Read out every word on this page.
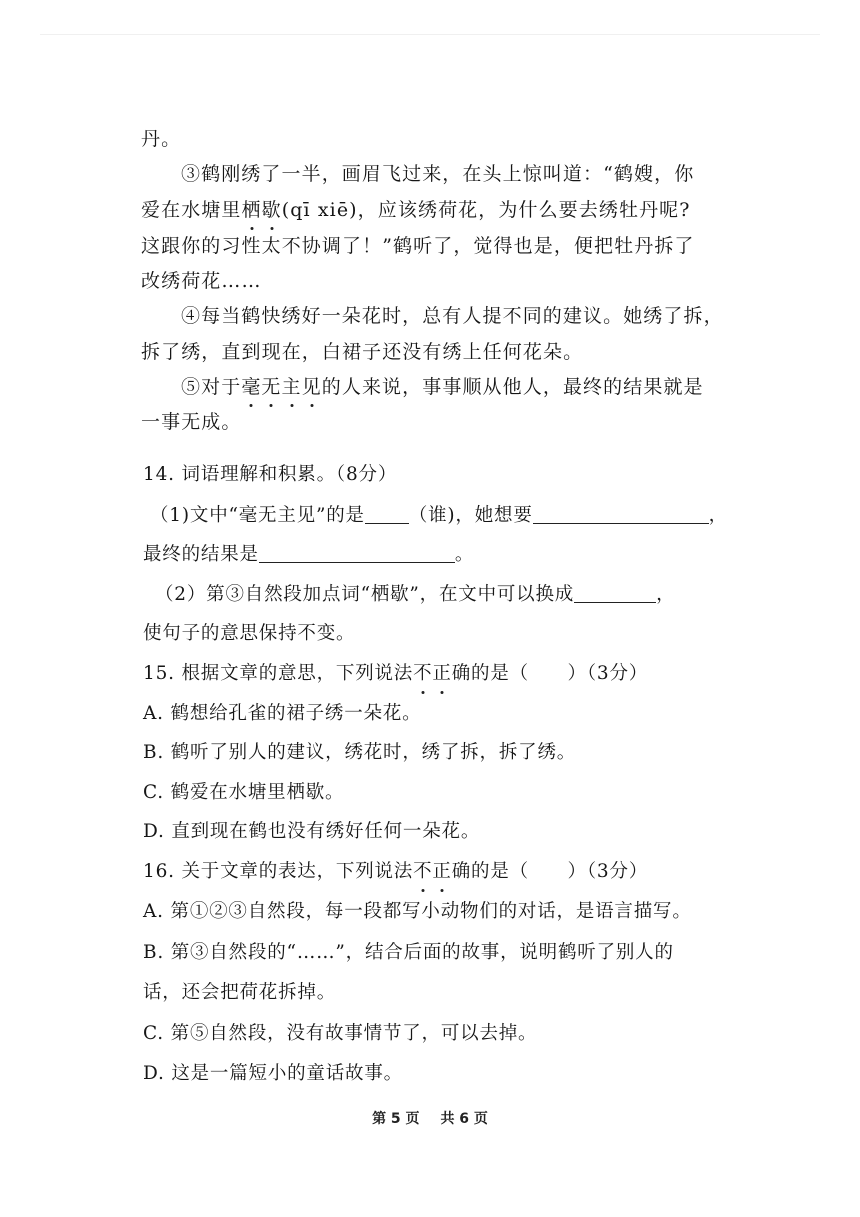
丹。
③鹤刚绣了一半，画眉飞过来，在头上惊叫道：“鹤嫂，你
爱在水塘里栖歇(qī xiē)，应该绣荷花，为什么要去绣牡丹呢?
这跟你的习性太不协调了！”鹤听了，觉得也是，便把牡丹拆了
改绣荷花……
④每当鹤快绣好一朵花时，总有人提不同的建议。她绣了拆，
拆了绣，直到现在，白裙子还没有绣上任何花朵。
⑤对于毫无主见的人来说，事事顺从他人，最终的结果就是
一事无成。
14. 词语理解和积累。（8分）
（1)文中“毫无主见”的是 （谁)，她想要	，
最终的结果是	。
（2）第③自然段加点词“栖歇”，在文中可以换成	，
使句子的意思保持不变。
15. 根据文章的意思，下列说法不正确的是（　　）（3分）
A. 鹤想给孔雀的裙子绣一朵花。
B. 鹤听了别人的建议，绣花时，绣了拆，拆了绣。
C. 鹤爱在水塘里栖歇。
D. 直到现在鹤也没有绣好任何一朵花。
16. 关于文章的表达，下列说法不正确的是（　　）（3分）
A. 第①②③自然段，每一段都写小动物们的对话，是语言描写。
B. 第③自然段的“……”，结合后面的故事，说明鹤听了别人的
话，还会把荷花拆掉。
C. 第⑤自然段，没有故事情节了，可以去掉。
D. 这是一篇短小的童话故事。
第 5 页 共 6 页
